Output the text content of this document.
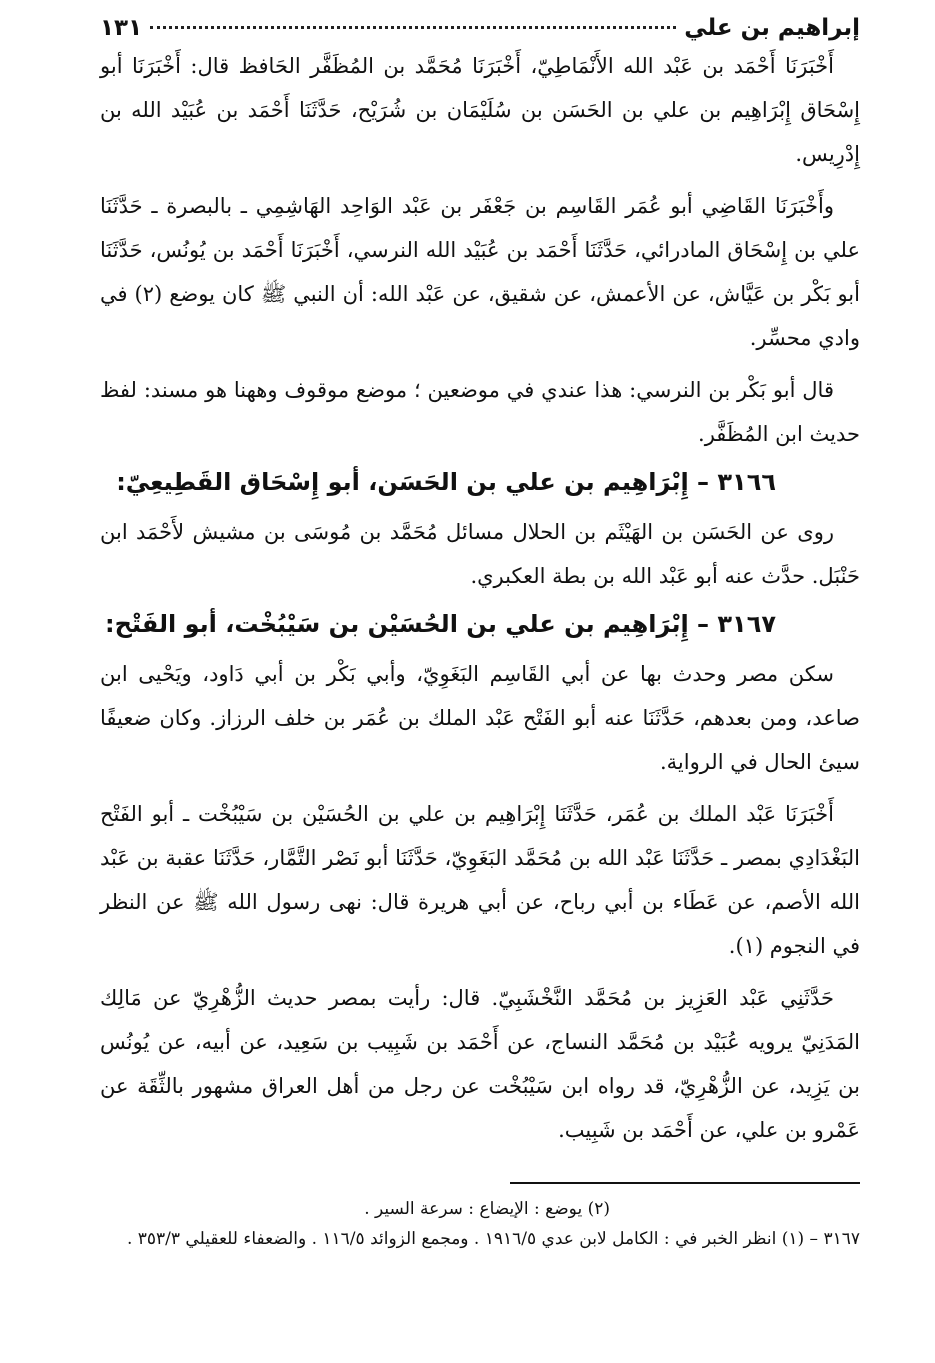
إبراهيم بن علي
١٣١

أَخْبَرَنَا أَحْمَد بن عَبْد الله الأَنْمَاطِيّ، أَخْبَرَنَا مُحَمَّد بن المُظَفَّر الحَافظ قال: أَخْبَرَنَا أبو إِسْحَاق إِبْرَاهِيم بن علي بن الحَسَن بن سُلَيْمَان بن شُرَيْح، حَدَّثَنَا أَحْمَد بن عُبَيْد الله بن إِدْرِيس.

وأَخْبَرَنَا القَاضِي أبو عُمَر القَاسِم بن جَعْفَر بن عَبْد الوَاحِد الهَاشِمِي ـ بالبصرة ـ حَدَّثَنَا علي بن إِسْحَاق المادرائي، حَدَّثَنَا أَحْمَد بن عُبَيْد الله النرسي، أَخْبَرَنَا أَحْمَد بن يُونُس، حَدَّثَنَا أبو بَكْر بن عَيَّاش، عن الأعمش، عن شقيق، عن عَبْد الله: أن النبي ﷺ كان يوضع (٢) في وادي محسِّر.

قال أبو بَكْر بن النرسي: هذا عندي في موضعين ؛ موضع موقوف وههنا هو مسند: لفظ حديث ابن المُظَفَّر.

٣١٦٦ – إِبْرَاهِيم بن علي بن الحَسَن، أبو إِسْحَاق القَطِيعِيّ:

روى عن الحَسَن بن الهَيْثَم بن الحلال مسائل مُحَمَّد بن مُوسَى بن مشيش لأَحْمَد ابن حَنْبَل. حدَّث عنه أبو عَبْد الله بن بطة العكبري.

٣١٦٧ – إِبْرَاهِيم بن علي بن الحُسَيْن بن سَيْبُخْت، أبو الفَتْح:

سكن مصر وحدث بها عن أبي القَاسِم البَغَوِيّ، وأبي بَكْر بن أبي دَاود، ويَحْيى ابن صاعد، ومن بعدهم، حَدَّثَنَا عنه أبو الفَتْح عَبْد الملك بن عُمَر بن خلف الرزاز. وكان ضعيفًا سيئ الحال في الرواية.

أَخْبَرَنَا عَبْد الملك بن عُمَر، حَدَّثَنَا إِبْرَاهِيم بن علي بن الحُسَيْن بن سَيْبُخْت ـ أبو الفَتْح البَغْدَادِي بمصر ـ حَدَّثَنَا عَبْد الله بن مُحَمَّد البَغَوِيّ، حَدَّثَنَا أبو نَصْر التَّمَّار، حَدَّثَنَا عقبة بن عَبْد الله الأصم، عن عَطَاء بن أبي رباح، عن أبي هريرة قال: نهى رسول الله ﷺ عن النظر في النجوم (١).

حَدَّثَنِي عَبْد العَزِيز بن مُحَمَّد النَّخْشَبِيّ. قال: رأيت بمصر حديث الزُّهْرِيّ عن مَالِك المَدَنِيّ يرويه عُبَيْد بن مُحَمَّد النساج، عن أَحْمَد بن شَبِيب بن سَعِيد، عن أبيه، عن يُونُس بن يَزِيد، عن الزُّهْرِيّ، قد رواه ابن سَيْبُخْت عن رجل من أهل العراق مشهور بالثِّقَة عن عَمْرو بن علي، عن أَحْمَد بن شَبِيب.

(٢) يوضع : الإيضاع : سرعة السير .

٣١٦٧ – (١) انظر الخبر في : الكامل لابن عدي ١٩١٦/٥ . ومجمع الزوائد ١١٦/٥ . والضعفاء للعقيلي ٣٥٣/٣ .
